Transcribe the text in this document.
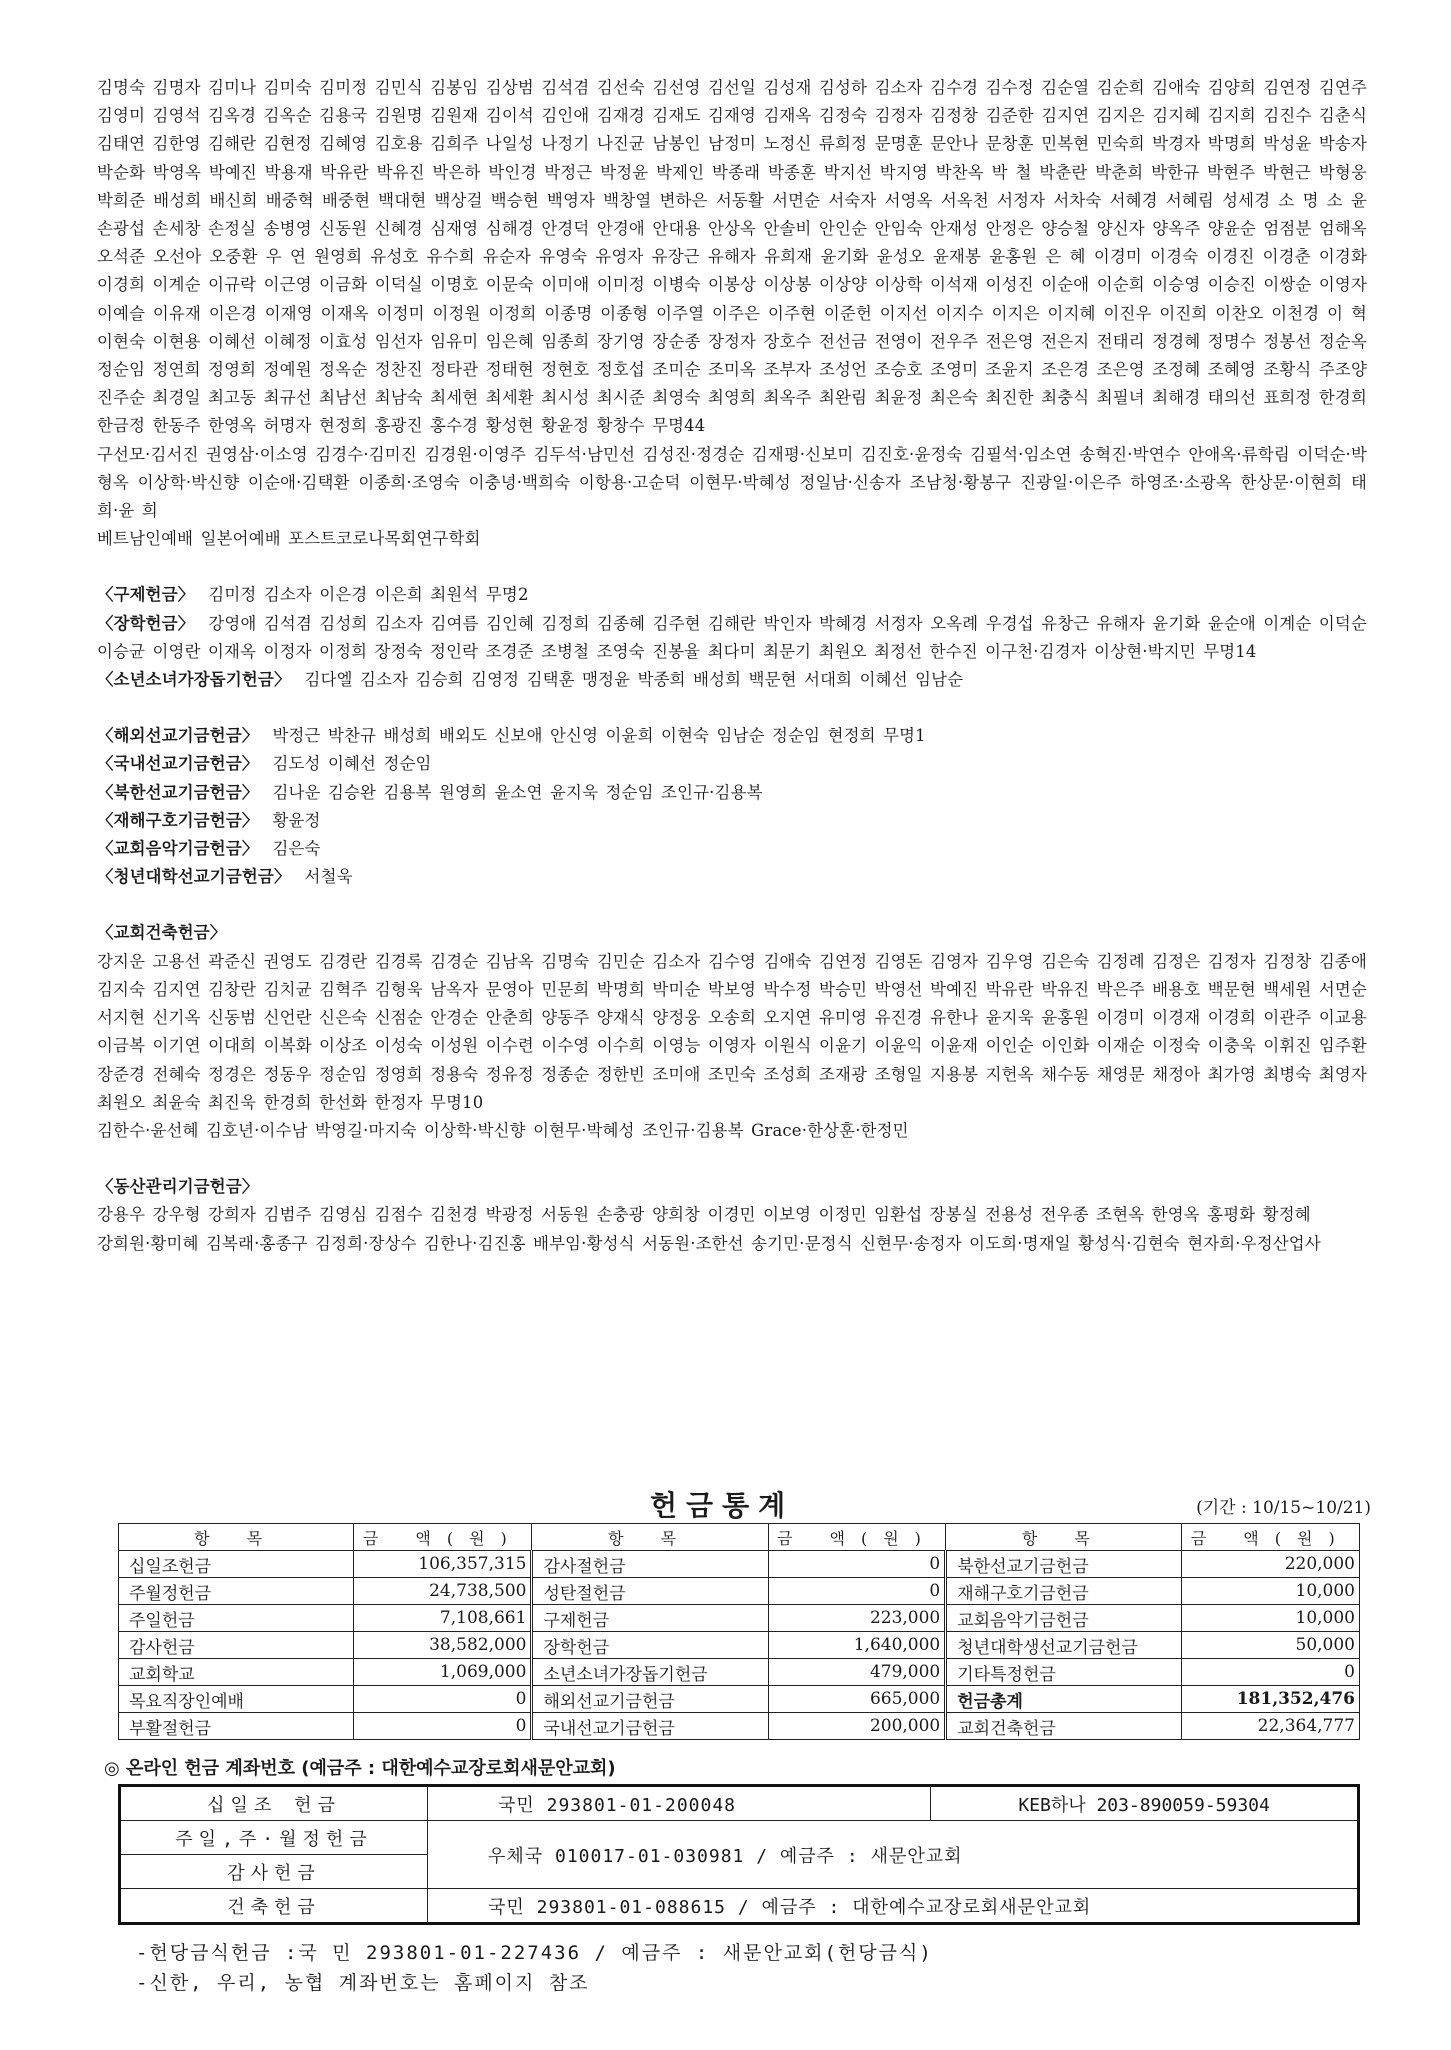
김명숙 김명자 김미나 김미숙 김미정 김민식 김봉임 김상범 김석겸 김선숙 김선영 김선일 김성재 김성하 김소자 김수경 김수정 김순열 김순희 김애숙 김양희 김연정 김연주 김영미 김영석 김옥경 김옥순 김용국 김원명 김원재 김이석 김인애 김재경 김재도 김재영 김재옥 김정숙 김정자 김정창 김준한 김지연 김지은 김지혜 김지희 김진수 김춘식 김태연 김한영 김해란 김현정 김혜영 김호용 김희주 나일성 나정기 나진균 남봉인 남정미 노정신 류희정 문명훈 문안나 문창훈 민복현 민숙희 박경자 박명희 박성윤 박송자 박순화 박영옥 박예진 박용재 박유란 박유진 박은하 박인경 박정근 박정윤 박제인 박종래 박종훈 박지선 박지영 박찬옥 박 철 박춘란 박춘희 박한규 박현주 박현근 박형웅 박희준 배성희 배신희 배중혁 배중현 백대현 백상걸 백승현 백영자 백창열 변하은 서동활 서면순 서숙자 서영옥 서옥천 서정자 서차숙 서혜경 서혜림 성세경 소 명 소 윤 손광섭 손세창 손정실 송병영 신동원 신혜경 심재영 심해경 안경덕 안경애 안대용 안상옥 안솔비 안인순 안임숙 안재성 안정은 양승철 양신자 양옥주 양윤순 엄점분 엄해옥 오석준 오선아 오중환 우 연 원영희 유성호 유수희 유순자 유영숙 유영자 유장근 유해자 유희재 윤기화 윤성오 윤재봉 윤홍원 은 혜 이경미 이경숙 이경진 이경춘 이경화 이경희 이계순 이규락 이근영 이금화 이덕실 이명호 이문숙 이미애 이미정 이병숙 이봉상 이상봉 이상양 이상학 이석재 이성진 이순애 이순희 이승영 이승진 이쌍순 이영자 이예슬 이유재 이은경 이재영 이재옥 이정미 이정원 이정희 이종명 이종형 이주열 이주은 이주현 이준헌 이지선 이지수 이지은 이지혜 이진우 이진희 이찬오 이천경 이 혁 이현숙 이현용 이혜선 이혜정 이효성 임선자 임유미 임은혜 임종희 장기영 장순종 장정자 장호수 전선금 전영이 전우주 전은영 전은지 전태리 정경혜 정명수 정봉선 정순옥 정순임 정연희 정영희 정예원 정옥순 정찬진 정타관 정태현 정현호 정호섭 조미순 조미옥 조부자 조성언 조승호 조영미 조윤지 조은경 조은영 조정혜 조혜영 조황식 주조양 진주순 최경일 최고동 최규선 최남선 최남숙 최세현 최세환 최시성 최시준 최영숙 최영희 최옥주 최완림 최윤정 최은숙 최진한 최충식 최필녀 최해경 태의선 표희정 한경희 한금정 한동주 한영옥 허명자 현정희 홍광진 홍수경 황성현 황윤정 황창수 무명44

구선모·김서진 권영삼·이소영 김경수·김미진 김경원·이영주 김두석·남민선 김성진·정경순 김재평·신보미 김진호·윤정숙 김필석·임소연 송혁진·박연수 안애옥·류학림 이덕순·박형옥 이상학·박신향 이순애·김택환 이종희·조영숙 이충녕·백희숙 이항용·고순덕 이현무·박혜성 정일남·신송자 조남청·황봉구 진광일·이은주 하영조·소광옥 한상문·이현희 태 희·윤 희

베트남인예배 일본어예배 포스트코로나목회연구학회

〈 구제헌금 〉 김미정 김소자 이은경 이은희 최원석 무명2

〈 장학헌금 〉 강영애 김석겸 김성희 김소자 김여름 김인혜 김정희 김종혜 김주현 김해란 박인자 박혜경 서정자 오옥례 우경섭 유창근 유해자 윤기화 윤순애 이계순 이덕순 이승균 이영란 이재옥 이정자 이정희 장정숙 정인락 조경준 조병철 조영숙 진봉율 최다미 최문기 최원오 최정선 한수진 이구천·김경자 이상현·박지민 무명14

〈 소년소녀가장돕기헌금 〉 김다엘 김소자 김승희 김영정 김택훈 맹정윤 박종희 배성희 백문현 서대희 이혜선 임남순

〈 해외선교기금헌금 〉 박정근 박찬규 배성희 배외도 신보애 안신영 이윤희 이현숙 임남순 정순임 현정희 무명1

〈 국내선교기금헌금 〉 김도성 이혜선 정순임

〈 북한선교기금헌금 〉 김나운 김승완 김용복 원영희 윤소연 윤지욱 정순임 조인규·김용복

〈 재해구호기금헌금 〉 황윤정

〈 교회음악기금헌금 〉 김은숙

〈 청년대학선교기금헌금 〉 서철욱

〈 교회건축헌금 〉

강지운 고용선 곽준신 권영도 김경란 김경록 김경순 김남옥 김명숙 김민순 김소자 김수영 김애숙 김연정 김영돈 김영자 김우영 김은숙 김정례 김정은 김정자 김정창 김종애 김지숙 김지연 김창란 김치균 김혁주 김형욱 남옥자 문영아 민문희 박명희 박미순 박보영 박수정 박승민 박영선 박예진 박유란 박유진 박은주 배용호 백문현 백세원 서면순 서지현 신기옥 신동범 신언란 신은숙 신점순 안경순 안춘희 양동주 양재식 양정웅 오송희 오지연 유미영 유진경 유한나 윤지욱 윤홍원 이경미 이경재 이경희 이관주 이교용 이금복 이기연 이대희 이복화 이상조 이성숙 이성원 이수련 이수영 이수희 이영능 이영자 이원식 이윤기 이윤익 이윤재 이인순 이인화 이재순 이정숙 이충욱 이휘진 임주환 장준경 전혜숙 정경은 정동우 정순임 정영희 정용숙 정유정 정종순 정한빈 조미애 조민숙 조성희 조재광 조형일 지용봉 지헌옥 채수동 채영문 채정아 최가영 최병숙 최영자 최원오 최윤숙 최진욱 한경희 한선화 한정자 무명10

김한수·윤선혜 김호년·이수남 박영길·마지숙 이상학·박신향 이현무·박혜성 조인규·김용복 Grace·한상훈·한정민

〈 동산관리기금헌금 〉

강용우 강우형 강희자 김범주 김영심 김점수 김천경 박광정 서동원 손충광 양희창 이경민 이보영 이정민 임환섭 장봉실 전용성 전우종 조현옥 한영옥 홍평화 황정혜

강희원·황미혜 김복래·홍종구 김정희·장상수 김한나·김진홍 배부임·황성식 서동원·조한선 송기민·문정식 신현무·송정자 이도희·명재일 황성식·김현숙 현자희·우정산업사

헌금통계	(기간 : 10/15~10/21)
항 목	금 액(원)	항 목	금 액(원)	항 목	금 액(원)
십일조헌금	106,357,315	감사절헌금	0	북한선교기금헌금	220,000
주월정헌금	24,738,500	성탄절헌금	0	재해구호기금헌금	10,000
주일헌금	7,108,661	구제헌금	223,000	교회음악기금헌금	10,000
감사헌금	38,582,000	장학헌금	1,640,000	청년대학생선교기금헌금	50,000
교회학교	1,069,000	소년소녀가장돕기헌금	479,000	기타특정헌금	0
목요직장인예배	0	해외선교기금헌금	665,000	헌금총계	181,352,476
부활절헌금	0	국내선교기금헌금	200,000	교회건축헌금	22,364,777
◎ 온라인 헌금 계좌번호 (예금주 : 대한예수교장로회새문안교회)
십일조 헌금	국민 293801-01-200048	KEB하나 203-890059-59304
주일,주·월정헌금	우체국 010017-01-030981 / 예금주 : 새문안교회	
감사헌금		
건축헌금	국민 293801-01-088615 / 예금주 : 대한예수교장로회새문안교회	
-헌당금식헌금 :국 민 293801-01-227436 / 예금주 : 새문안교회(헌당금식)
-신한, 우리, 농협 계좌번호는 홈페이지 참조
